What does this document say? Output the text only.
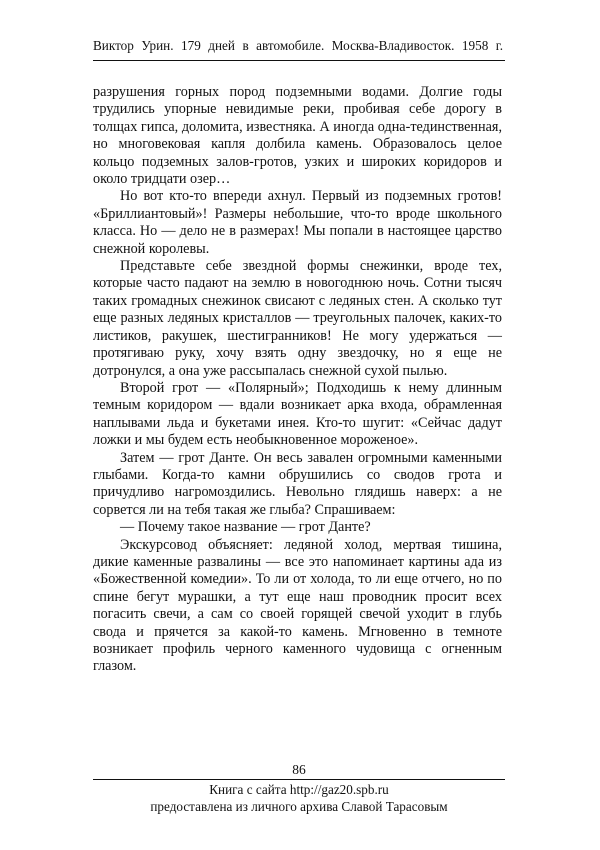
Виктор Урин. 179 дней в автомобиле. Москва-Владивосток. 1958 г.

разрушения горных пород подземными водами. Долгие годы трудились упорные невидимые реки, пробивая себе дорогу в толщах гипса, доломита, известняка. А иногда одна-тединственная, но многовековая капля долбила камень. Образовалось целое кольцо подземных залов-гротов, узких и широких коридоров и около тридцати озер…

Но вот кто-то впереди ахнул. Первый из подземных гротов! «Бриллиантовый»! Размеры небольшие, что-то вроде школьного класса. Но — дело не в размерах! Мы попали в настоящее царство снежной королевы.

Представьте себе звездной формы снежинки, вроде тех, которые часто падают на землю в новогоднюю ночь. Сотни тысяч таких громадных снежинок свисают с ледяных стен. А сколько тут еще разных ледяных кристаллов — треугольных палочек, каких-то листиков, ракушек, шестигранников! Не могу удержаться — протягиваю руку, хочу взять одну звездочку, но я еще не дотронулся, а она уже рассыпалась снежной сухой пылью.

Второй грот — «Полярный»; Подходишь к нему длинным темным коридором — вдали возникает арка входа, обрамленная наплывами льда и букетами инея. Кто-то шугит: «Сейчас дадут ложки и мы будем есть необыкновенное мороженое».

Затем — грот Данте. Он весь завален огромными каменными глыбами. Когда-то камни обрушились со сводов грота и причудливо нагромоздились. Невольно глядишь наверх: а не сорвется ли на тебя такая же глыба? Спрашиваем:

— Почему такое название — грот Данте?

Экскурсовод объясняет: ледяной холод, мертвая тишина, дикие каменные развалины — все это напоминает картины ада из «Божественной комедии». То ли от холода, то ли еще отчего, но по спине бегут мурашки, а тут еще наш проводник просит всех погасить свечи, а сам со своей горящей свечой уходит в глубь свода и прячется за какой-то камень. Мгновенно в темноте возникает профиль черного каменного чудовища с огненным глазом.

86
Книга с сайта http://gaz20.spb.ru
предоставлена из личного архива Славой Тарасовым
